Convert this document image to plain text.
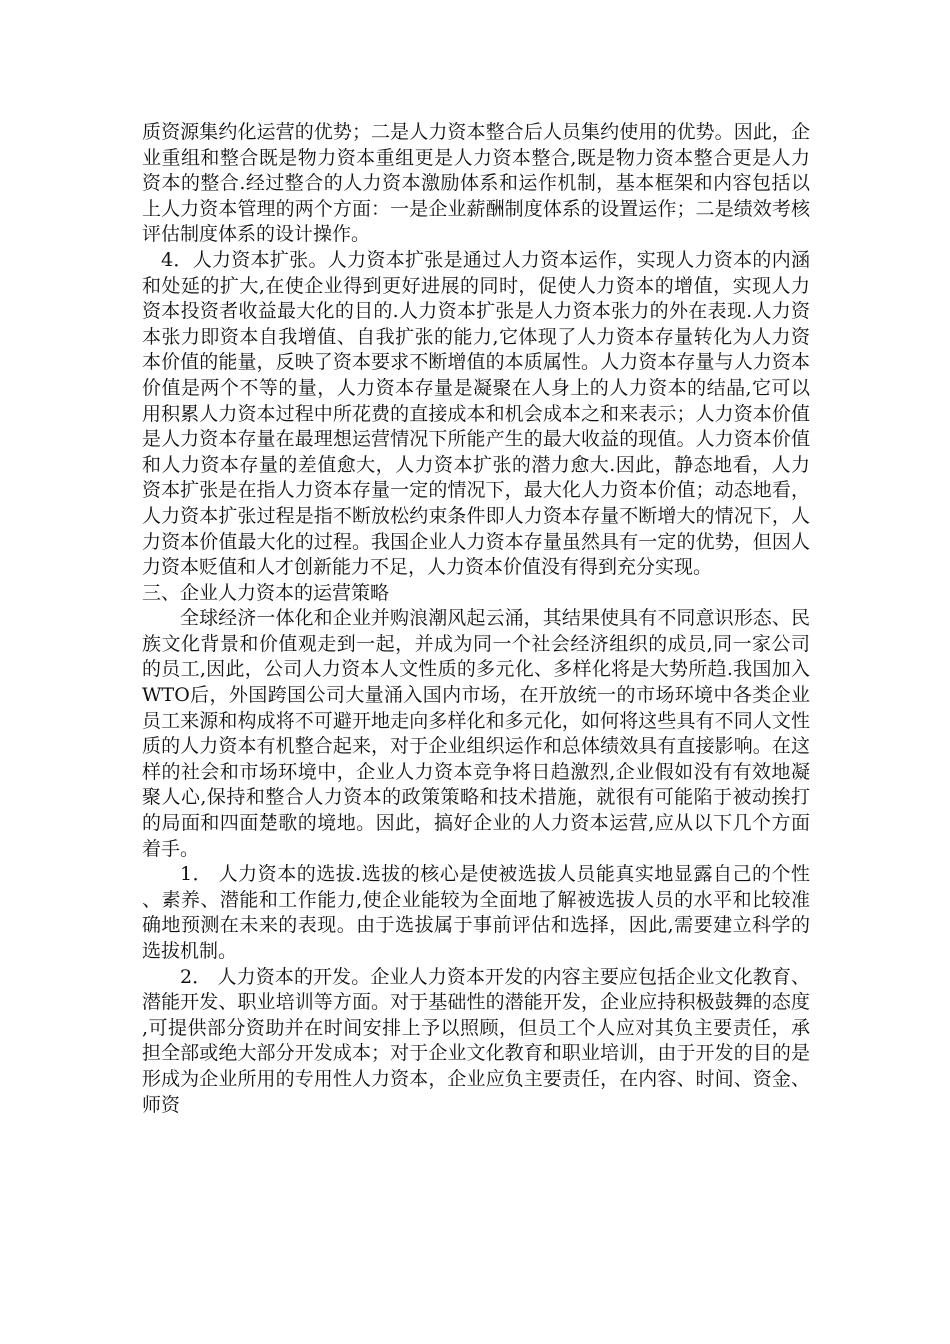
质资源集约化运营的优势；二是人力资本整合后人员集约使用的优势。因此，企业重组和整合既是物力资本重组更是人力资本整合,既是物力资本整合更是人力资本的整合.经过整合的人力资本激励体系和运作机制，基本框架和内容包括以上人力资本管理的两个方面：一是企业薪酬制度体系的设置运作；二是绩效考核评估制度体系的设计操作。

4．人力资本扩张。人力资本扩张是通过人力资本运作，实现人力资本的内涵和处延的扩大,在使企业得到更好进展的同时，促使人力资本的增值，实现人力资本投资者收益最大化的目的.人力资本扩张是人力资本张力的外在表现.人力资本张力即资本自我增值、自我扩张的能力,它体现了人力资本存量转化为人力资本价值的能量，反映了资本要求不断增值的本质属性。人力资本存量与人力资本价值是两个不等的量，人力资本存量是凝聚在人身上的人力资本的结晶,它可以用积累人力资本过程中所花费的直接成本和机会成本之和来表示；人力资本价值是人力资本存量在最理想运营情况下所能产生的最大收益的现值。人力资本价值和人力资本存量的差值愈大，人力资本扩张的潜力愈大.因此，静态地看，人力资本扩张是在指人力资本存量一定的情况下，最大化人力资本价值；动态地看，人力资本扩张过程是指不断放松约束条件即人力资本存量不断增大的情况下，人力资本价值最大化的过程。我国企业人力资本存量虽然具有一定的优势，但因人力资本贬值和人才创新能力不足，人力资本价值没有得到充分实现。

三、企业人力资本的运营策略

全球经济一体化和企业并购浪潮风起云涌，其结果使具有不同意识形态、民族文化背景和价值观走到一起，并成为同一个社会经济组织的成员,同一家公司的员工,因此，公司人力资本人文性质的多元化、多样化将是大势所趋.我国加入WTO后，外国跨国公司大量涌入国内市场，在开放统一的市场环境中各类企业员工来源和构成将不可避开地走向多样化和多元化，如何将这些具有不同人文性质的人力资本有机整合起来，对于企业组织运作和总体绩效具有直接影响。在这样的社会和市场环境中，企业人力资本竞争将日趋激烈,企业假如没有有效地凝聚人心,保持和整合人力资本的政策策略和技术措施，就很有可能陷于被动挨打的局面和四面楚歌的境地。因此，搞好企业的人力资本运营,应从以下几个方面着手。

1． 人力资本的选拔.选拔的核心是使被选拔人员能真实地显露自己的个性、素养、潜能和工作能力,使企业能较为全面地了解被选拔人员的水平和比较准确地预测在未来的表现。由于选拔属于事前评估和选择，因此,需要建立科学的选拔机制。

2． 人力资本的开发。企业人力资本开发的内容主要应包括企业文化教育、潜能开发、职业培训等方面。对于基础性的潜能开发，企业应持积极鼓舞的态度,可提供部分资助并在时间安排上予以照顾，但员工个人应对其负主要责任，承担全部或绝大部分开发成本；对于企业文化教育和职业培训，由于开发的目的是形成为企业所用的专用性人力资本，企业应负主要责任，在内容、时间、资金、师资
